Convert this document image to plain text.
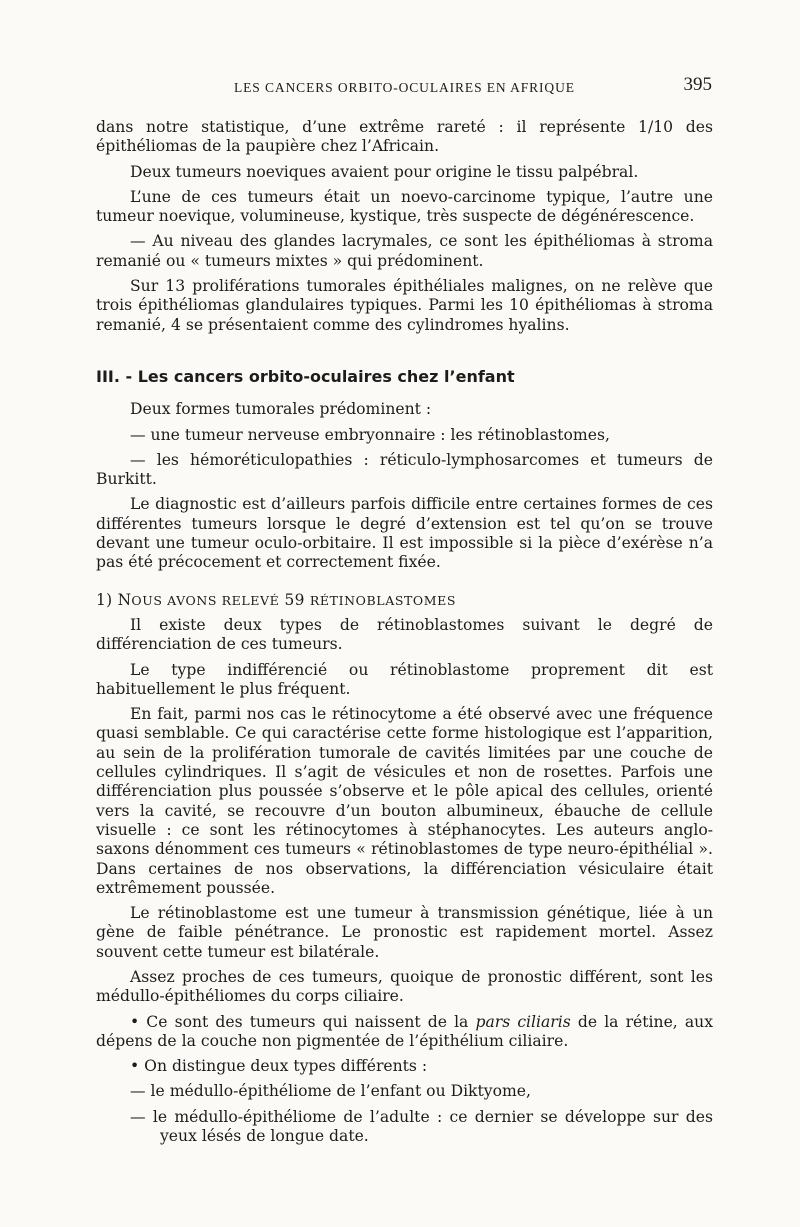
LES CANCERS ORBITO-OCULAIRES EN AFRIQUE	395

dans notre statistique, d’une extrême rareté : il représente 1/10 des épithéliomas de la paupière chez l’Africain.

Deux tumeurs noeviques avaient pour origine le tissu palpébral.

L’une de ces tumeurs était un noevo-carcinome typique, l’autre une tumeur noevique, volumineuse, kystique, très suspecte de dégénérescence.

— Au niveau des glandes lacrymales, ce sont les épithéliomas à stroma remanié ou « tumeurs mixtes » qui prédominent.

Sur 13 proliférations tumorales épithéliales malignes, on ne relève que trois épithéliomas glandulaires typiques. Parmi les 10 épithéliomas à stroma remanié, 4 se présentaient comme des cylindromes hyalins.

III. - Les cancers orbito-oculaires chez l’enfant

Deux formes tumorales prédominent :

— une tumeur nerveuse embryonnaire : les rétinoblastomes,

— les hémoréticulopathies : réticulo-lymphosarcomes et tumeurs de Burkitt.

Le diagnostic est d’ailleurs parfois difficile entre certaines formes de ces différentes tumeurs lorsque le degré d’extension est tel qu’on se trouve devant une tumeur oculo-orbitaire. Il est impossible si la pièce d’exérèse n’a pas été précocement et correctement fixée.

1) NOUS AVONS RELEVÉ 59 RÉTINOBLASTOMES

Il existe deux types de rétinoblastomes suivant le degré de différenciation de ces tumeurs.

Le type indifférencié ou rétinoblastome proprement dit est habituellement le plus fréquent.

En fait, parmi nos cas le rétinocytome a été observé avec une fréquence quasi semblable. Ce qui caractérise cette forme histologique est l’apparition, au sein de la prolifération tumorale de cavités limitées par une couche de cellules cylindriques. Il s’agit de vésicules et non de rosettes. Parfois une différenciation plus poussée s’observe et le pôle apical des cellules, orienté vers la cavité, se recouvre d’un bouton albumineux, ébauche de cellule visuelle : ce sont les rétinocytomes à stéphanocytes. Les auteurs anglo-saxons dénomment ces tumeurs « rétinoblastomes de type neuro-épithélial ». Dans certaines de nos observations, la différenciation vésiculaire était extrêmement poussée.

Le rétinoblastome est une tumeur à transmission génétique, liée à un gène de faible pénétrance. Le pronostic est rapidement mortel. Assez souvent cette tumeur est bilatérale.

Assez proches de ces tumeurs, quoique de pronostic différent, sont les médullo-épithéliomes du corps ciliaire.

• Ce sont des tumeurs qui naissent de la pars ciliaris de la rétine, aux dépens de la couche non pigmentée de l’épithélium ciliaire.

• On distingue deux types différents :

— le médullo-épithéliome de l’enfant ou Diktyome,

— le médullo-épithéliome de l’adulte : ce dernier se développe sur des yeux lésés de longue date.
